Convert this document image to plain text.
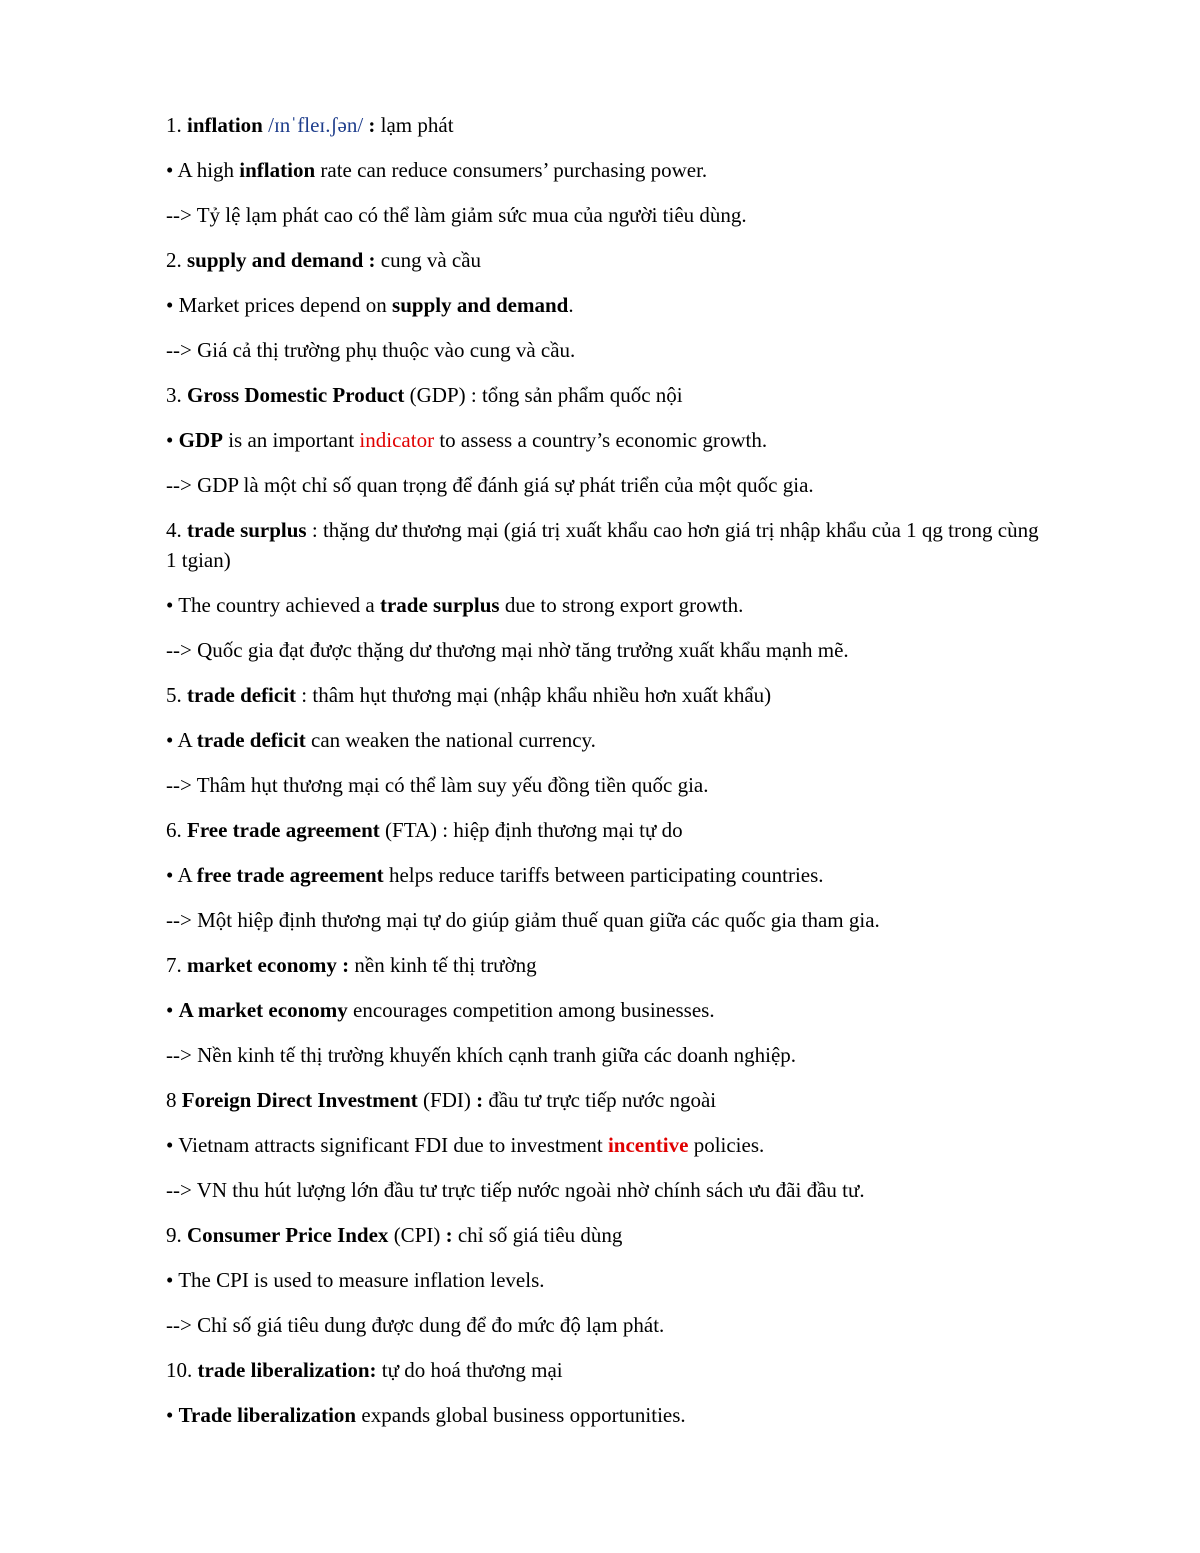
1. inflation /ɪnˈfleɪ.ʃən/ : lạm phát

• A high inflation rate can reduce consumers’ purchasing power.

--> Tỷ lệ lạm phát cao có thể làm giảm sức mua của người tiêu dùng.

2. supply and demand : cung và cầu

• Market prices depend on supply and demand.

--> Giá cả thị trường phụ thuộc vào cung và cầu.

3. Gross Domestic Product (GDP) : tổng sản phẩm quốc nội

• GDP is an important indicator to assess a country’s economic growth.

--> GDP là một chỉ số quan trọng để đánh giá sự phát triển của một quốc gia.

4. trade surplus : thặng dư thương mại (giá trị xuất khẩu cao hơn giá trị nhập khẩu của 1 qg trong cùng 1 tgian)

• The country achieved a trade surplus due to strong export growth.

--> Quốc gia đạt được thặng dư thương mại nhờ tăng trưởng xuất khẩu mạnh mẽ.

5. trade deficit : thâm hụt thương mại (nhập khẩu nhiều hơn xuất khẩu)

• A trade deficit can weaken the national currency.

--> Thâm hụt thương mại có thể làm suy yếu đồng tiền quốc gia.

6. Free trade agreement (FTA) : hiệp định thương mại tự do

• A free trade agreement helps reduce tariffs between participating countries.

--> Một hiệp định thương mại tự do giúp giảm thuế quan giữa các quốc gia tham gia.

7. market economy : nền kinh tế thị trường

• A market economy encourages competition among businesses.

--> Nền kinh tế thị trường khuyến khích cạnh tranh giữa các doanh nghiệp.

8 Foreign Direct Investment (FDI) : đầu tư trực tiếp nước ngoài

• Vietnam attracts significant FDI due to investment incentive policies.

--> VN thu hút lượng lớn đầu tư trực tiếp nước ngoài nhờ chính sách ưu đãi đầu tư.

9. Consumer Price Index (CPI) : chỉ số giá tiêu dùng

• The CPI is used to measure inflation levels.

--> Chỉ số giá tiêu dung được dung để đo mức độ lạm phát.

10. trade liberalization: tự do hoá thương mại

• Trade liberalization expands global business opportunities.
